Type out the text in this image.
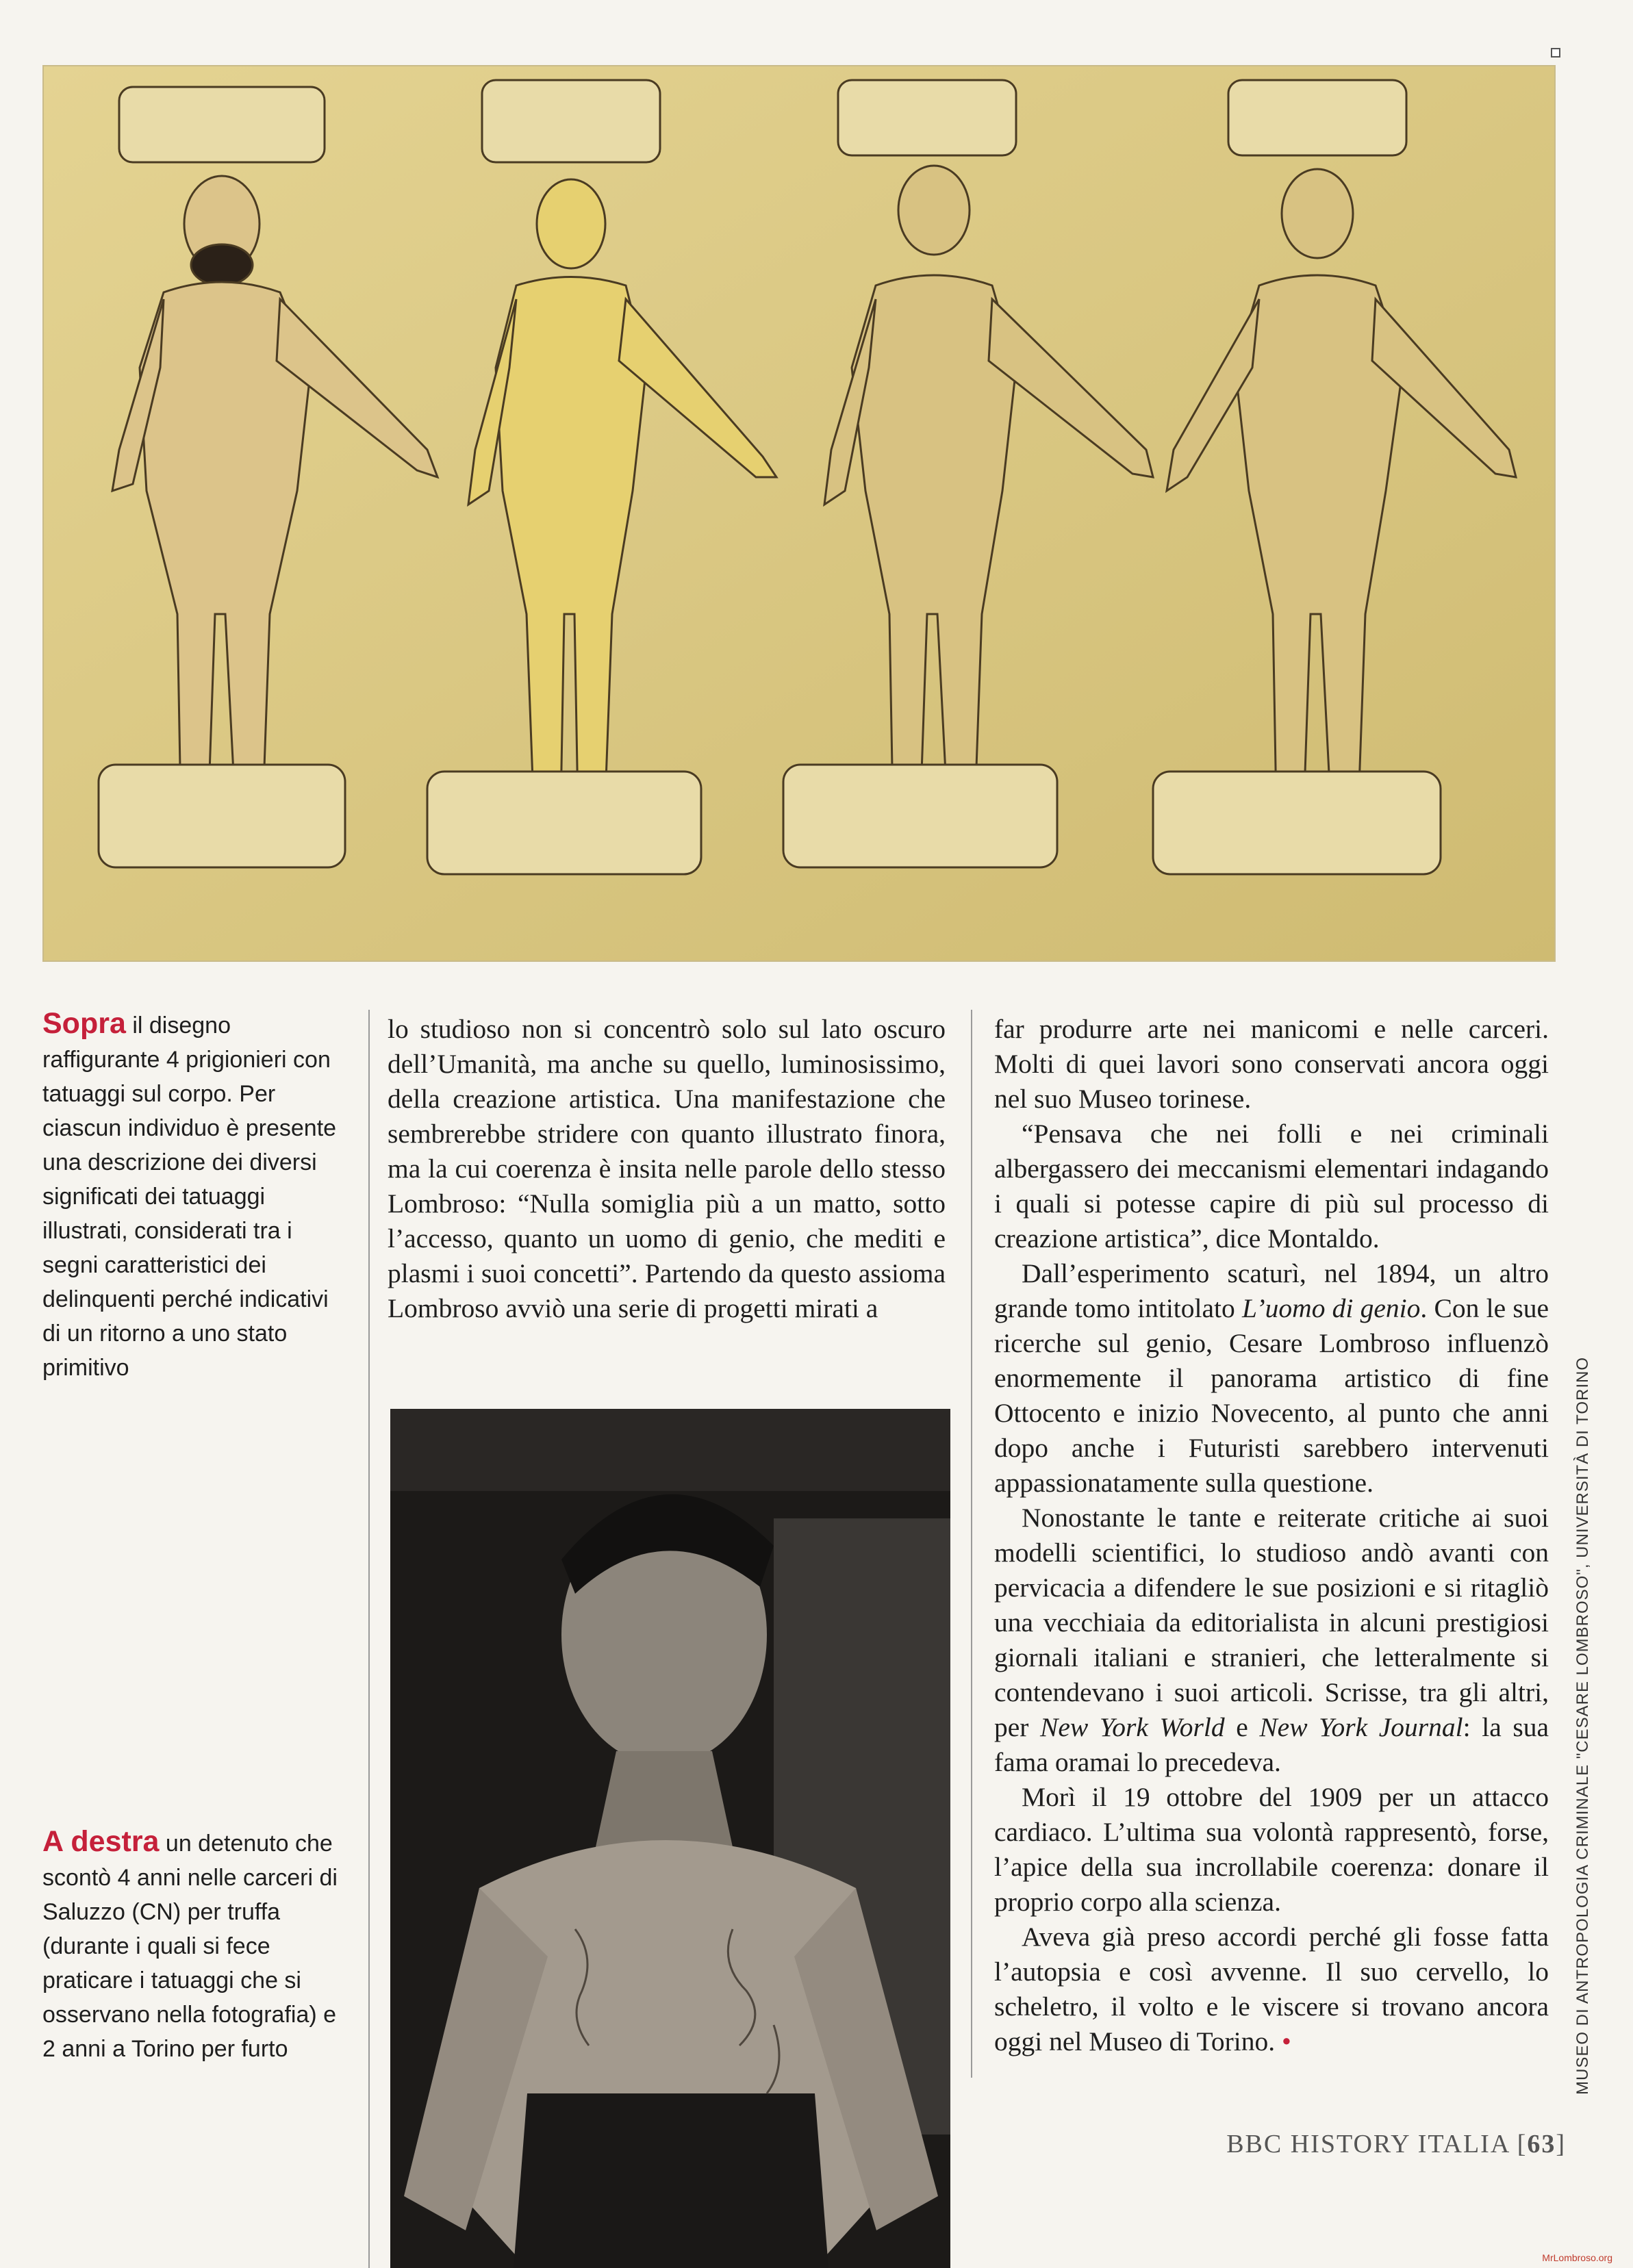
Sopra il disegno raffigurante 4 prigionieri con tatuaggi sul corpo. Per ciascun individuo è presente una descrizione dei diversi significati dei tatuaggi illustrati, considerati tra i segni caratteristici dei delinquenti perché indicativi di un ritorno a uno stato primitivo
A destra un detenuto che scontò 4 anni nelle carceri di Saluzzo (CN) per truffa (durante i quali si fece praticare i tatuaggi che si osservano nella fotografia) e 2 anni a Torino per furto

lo studioso non si concentrò solo sul lato oscuro dell’Umanità, ma anche su quello, luminosissimo, della creazione artistica. Una manifestazione che sembrerebbe stridere con quanto illustrato finora, ma la cui coerenza è insita nelle parole dello stesso Lombroso: “Nulla somiglia più a un matto, sotto l’accesso, quanto un uomo di genio, che mediti e plasmi i suoi concetti”. Partendo da questo assioma Lombroso avviò una serie di progetti mirati a

far produrre arte nei manicomi e nelle carceri. Molti di quei lavori sono conservati ancora oggi nel suo Museo torinese.

“Pensava che nei folli e nei criminali albergassero dei meccanismi elementari indagando i quali si potesse capire di più sul processo di creazione artistica”, dice Montaldo.

Dall’esperimento scaturì, nel 1894, un altro grande tomo intitolato L’uomo di genio. Con le sue ricerche sul genio, Cesare Lombroso influenzò enormemente il panorama artistico di fine Ottocento e inizio Novecento, al punto che anni dopo anche i Futuristi sarebbero intervenuti appassionatamente sulla questione.

Nonostante le tante e reiterate critiche ai suoi modelli scientifici, lo studioso andò avanti con pervicacia a difendere le sue posizioni e si ritagliò una vecchiaia da editorialista in alcuni prestigiosi giornali italiani e stranieri, che letteralmente si contendevano i suoi articoli. Scrisse, tra gli altri, per New York World e New York Journal: la sua fama oramai lo precedeva.

Morì il 19 ottobre del 1909 per un attacco cardiaco. L’ultima sua volontà rappresentò, forse, l’apice della sua incrollabile coerenza: donare il proprio corpo alla scienza.

Aveva già preso accordi perché gli fosse fatta l’autopsia e così avvenne. Il suo cervello, lo scheletro, il volto e le viscere si trovano ancora oggi nel Museo di Torino. •	MUSEO DI ANTROPOLOGIA CRIMINALE "CESARE LOMBROSO", UNIVERSITÀ DI TORINO
BBC HISTORY ITALIA [63]
MrLombroso.org
